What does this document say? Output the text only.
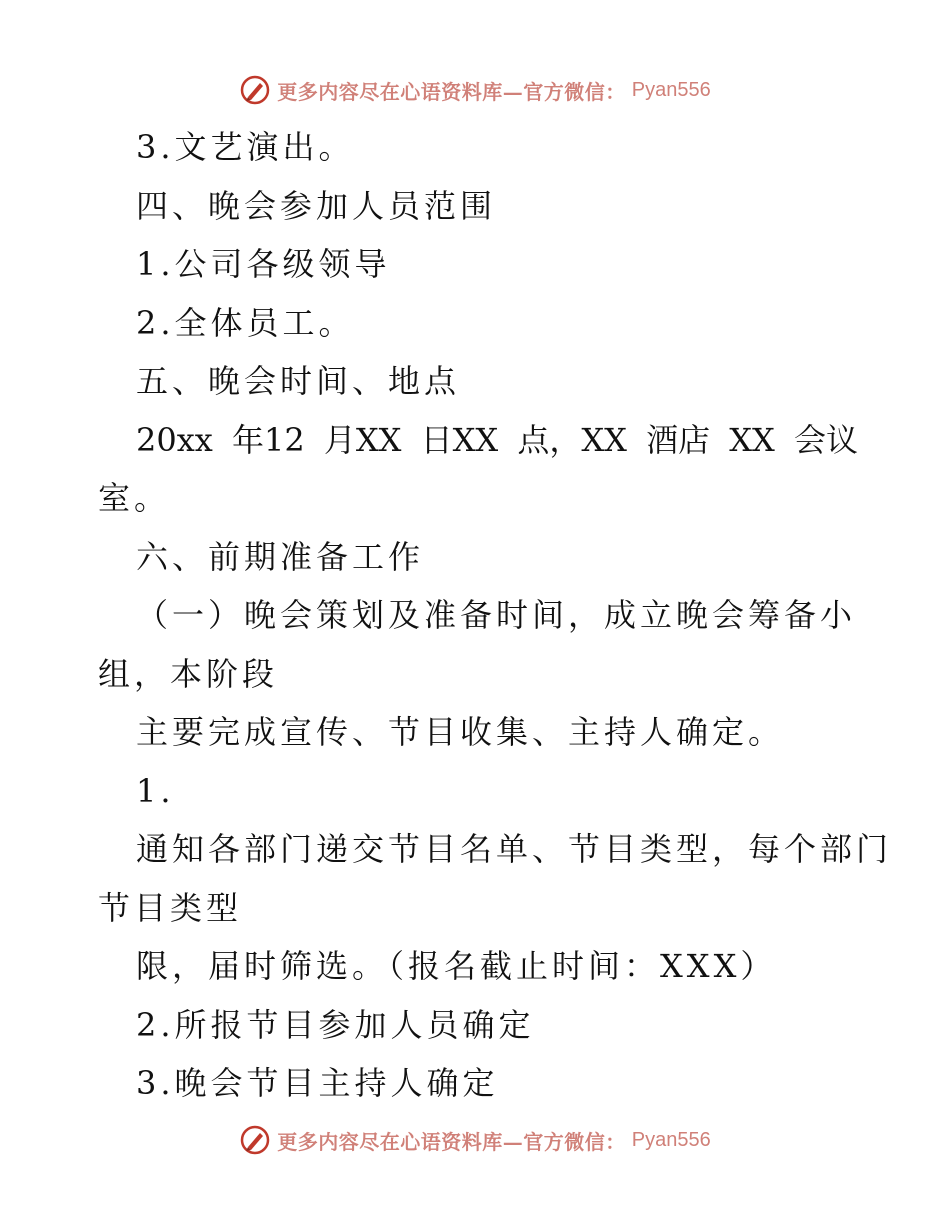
更多内容尽在心语资料库—官方微信： Pyan556
3.文艺演出。
四、晚会参加人员范围
1.公司各级领导
2.全体员工。
五、晚会时间、地点
20xx 年12 月XX 日XX 点，XX 酒店 XX 会议
室。
六、前期准备工作
（一）晚会策划及准备时间，成立晚会筹备小
组，本阶段
主要完成宣传、节目收集、主持人确定。
1.
通知各部门递交节目名单、节目类型，每个部门
节目类型
限，届时筛选。（报名截止时间：XXX）
2.所报节目参加人员确定
3.晚会节目主持人确定
更多内容尽在心语资料库—官方微信： Pyan556
